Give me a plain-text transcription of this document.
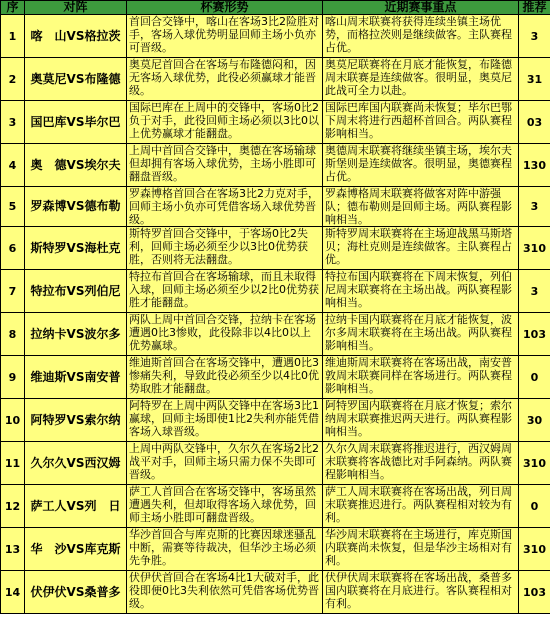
序	对阵	杯赛形势	近期赛事重点	推荐
1	喀　山VS格拉茨	首回合交锋中，喀山在客场3比2险胜对手，客场入球优势明显回师主场小负亦可晋级。	喀山周末联赛将获得连续坐镇主场优势，而格拉茨则是继续做客。主队赛程占优。	3
2	奥莫尼VS布隆德	奥莫尼首回合在客场与布隆德闷和，因无客场入球优势，此役必须赢球才能晋级。	奥莫尼联赛将在月底才能恢复，布隆德周末联赛是连续做客。很明显，奥莫尼此战可全力以赴。	31
3	国巴库VS毕尔巴	国际巴库在上周中的交锋中，客场0比2负于对手，此役回师主场必须以3比0以上优势赢球才能翻盘。	国际巴库国内联赛尚未恢复；毕尔巴鄂下周末将进行西超杯首回合。两队赛程影响相当。	03
4	奥　德VS埃尔夫	上周中首回合交锋中，奥德在客场输球但却拥有客场入球优势，主场小胜即可翻盘晋级。	奥德周末联赛将继续坐镇主场，埃尔夫斯堡则是连续做客。很明显，奥德赛程占优。	130
5	罗森博VS德布勒	罗森博格首回合在客场3比2力克对手，回师主场小负亦可凭借客场入球优势晋级。	罗森博格周末联赛将做客对阵中游强队；德布勒则是回师主场。两队赛程影响相当。	3
6	斯特罗VS海杜克	斯特罗首回合交锋中，于客场0比2失利，回师主场必须至少以3比0优势获胜，否则将无法翻盘。	斯特罗周末联赛将在主场迎战黑马斯塔贝；海杜克则是连续做客。主队赛程占优。	310
7	特拉布VS列伯尼	特拉布首回合在客场输球，而且未取得入球，回师主场必须至少以2比0优势获胜才能翻盘。	特拉布国内联赛将在下周末恢复，列伯尼周末联赛将在主场出战。两队赛程影响相当。	3
8	拉纳卡VS波尔多	两队上周中首回合交锋，拉纳卡在客场遭遇0比3惨败，此役除非以4比0以上优势赢球。	拉纳卡国内联赛将在月底才能恢复，波尔多周末联赛将在主场出战。两队赛程影响相当。	103
9	维迪斯VS南安普	维迪斯首回合在客场交锋中，遭遇0比3惨痛失利，导致此役必须至少以4比0优势取胜才能翻盘。	维迪斯周末联赛将在客场出战，南安普敦周末联赛同样在客场进行。两队赛程影响相当。	0
10	阿特罗VS索尔纳	阿特罗在上周中两队交锋中在客场3比1赢球，回师主场即使1比2失利亦能凭借客场入球晋级。	阿特罗国内联赛将在月底才恢复；索尔纳周末联赛推迟两天进行。两队赛程影响相当。	30
11	久尔久VS西汉姆	上周中两队交锋中，久尔久在客场2比2战平对手，回师主场只需力保不失即可晋级。	久尔久周末联赛将推迟进行，西汉姆周末联赛将客战德比对手阿森纳。两队赛程影响相当。	310
12	萨工人VS列　日	萨工人首回合在客场交锋中，客场虽然遭遇失利，但却取得客场入球优势，回师主场小胜即可翻盘晋级。	萨工人周末联赛将在客场出战，列日周末联赛推迟进行。两队赛程相对较为有利。	0
13	华　沙VS库克斯	华沙首回合与库克斯的比赛因球迷骚乱中断，需赛等待裁决，但华沙主场必须先争胜。	华沙周末联赛将在主场进行，库克斯国内联赛尚未恢复，但是华沙主场相对有利。	310
14	伏伊伏VS桑普多	伏伊伏首回合在客场4比1大破对手，此役即便0比3失利依然可凭借客场优势晋级。	伏伊伏周末联赛将在客场出战，桑普多国内联赛将在月底进行。客队赛程相对有利。	103
